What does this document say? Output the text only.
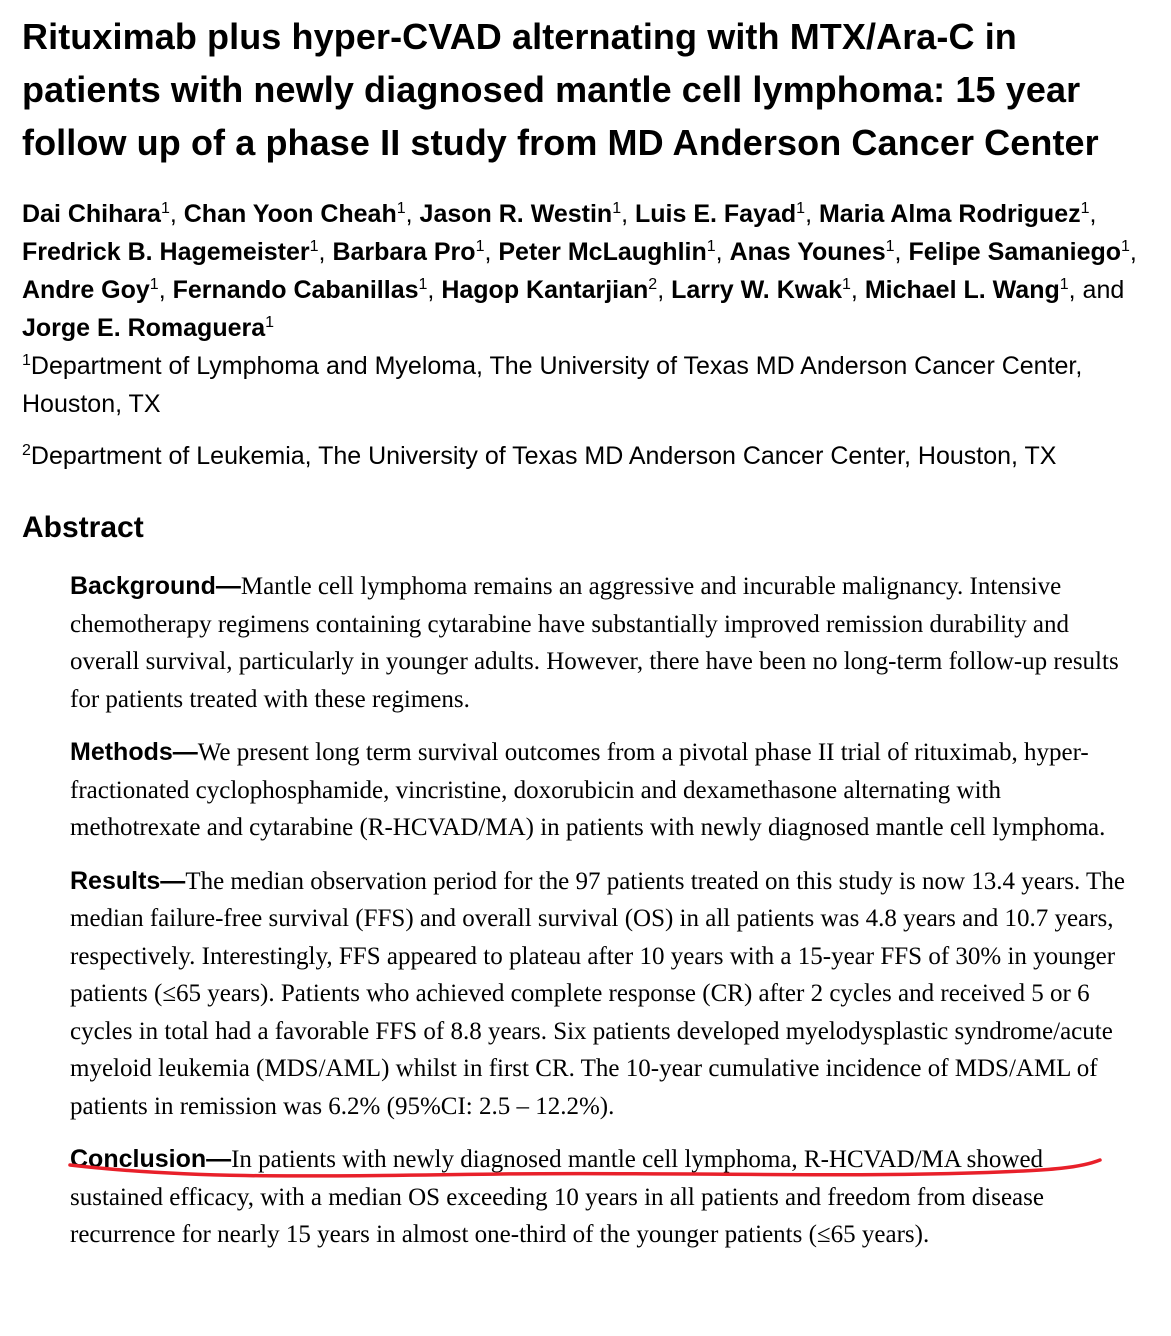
Rituximab plus hyper-CVAD alternating with MTX/Ara-C in patients with newly diagnosed mantle cell lymphoma: 15 year follow up of a phase II study from MD Anderson Cancer Center

Dai Chihara$^1$, Chan Yoon Cheah$^1$, Jason R. Westin$^1$, Luis E. Fayad$^1$, Maria Alma Rodriguez$^1$, Fredrick B. Hagemeister$^1$, Barbara Pro$^1$, Peter McLaughlin$^1$, Anas Younes$^1$, Felipe Samaniego$^1$, Andre Goy$^1$, Fernando Cabanillas$^1$, Hagop Kantarjian$^2$, Larry W. Kwak$^1$, Michael L. Wang$^1$, and Jorge E. Romaguera$^1$

$^1$Department of Lymphoma and Myeloma, The University of Texas MD Anderson Cancer Center, Houston, TX

$^2$Department of Leukemia, The University of Texas MD Anderson Cancer Center, Houston, TX

Abstract

Background—Mantle cell lymphoma remains an aggressive and incurable malignancy. Intensive chemotherapy regimens containing cytarabine have substantially improved remission durability and overall survival, particularly in younger adults. However, there have been no long-term follow-up results for patients treated with these regimens.

Methods—We present long term survival outcomes from a pivotal phase II trial of rituximab, hyper-fractionated cyclophosphamide, vincristine, doxorubicin and dexamethasone alternating with methotrexate and cytarabine (R-HCVAD/MA) in patients with newly diagnosed mantle cell lymphoma.

Results—The median observation period for the 97 patients treated on this study is now 13.4 years. The median failure-free survival (FFS) and overall survival (OS) in all patients was 4.8 years and 10.7 years, respectively. Interestingly, FFS appeared to plateau after 10 years with a 15-year FFS of 30% in younger patients (≤65 years). Patients who achieved complete response (CR) after 2 cycles and received 5 or 6 cycles in total had a favorable FFS of 8.8 years. Six patients developed myelodysplastic syndrome/acute myeloid leukemia (MDS/AML) whilst in first CR. The 10-year cumulative incidence of MDS/AML of patients in remission was 6.2% (95%CI: 2.5 – 12.2%).

Conclusion—In patients with newly diagnosed mantle cell lymphoma, R-HCVAD/MA showed sustained efficacy, with a median OS exceeding 10 years in all patients and freedom from disease recurrence for nearly 15 years in almost one-third of the younger patients (≤65 years).
